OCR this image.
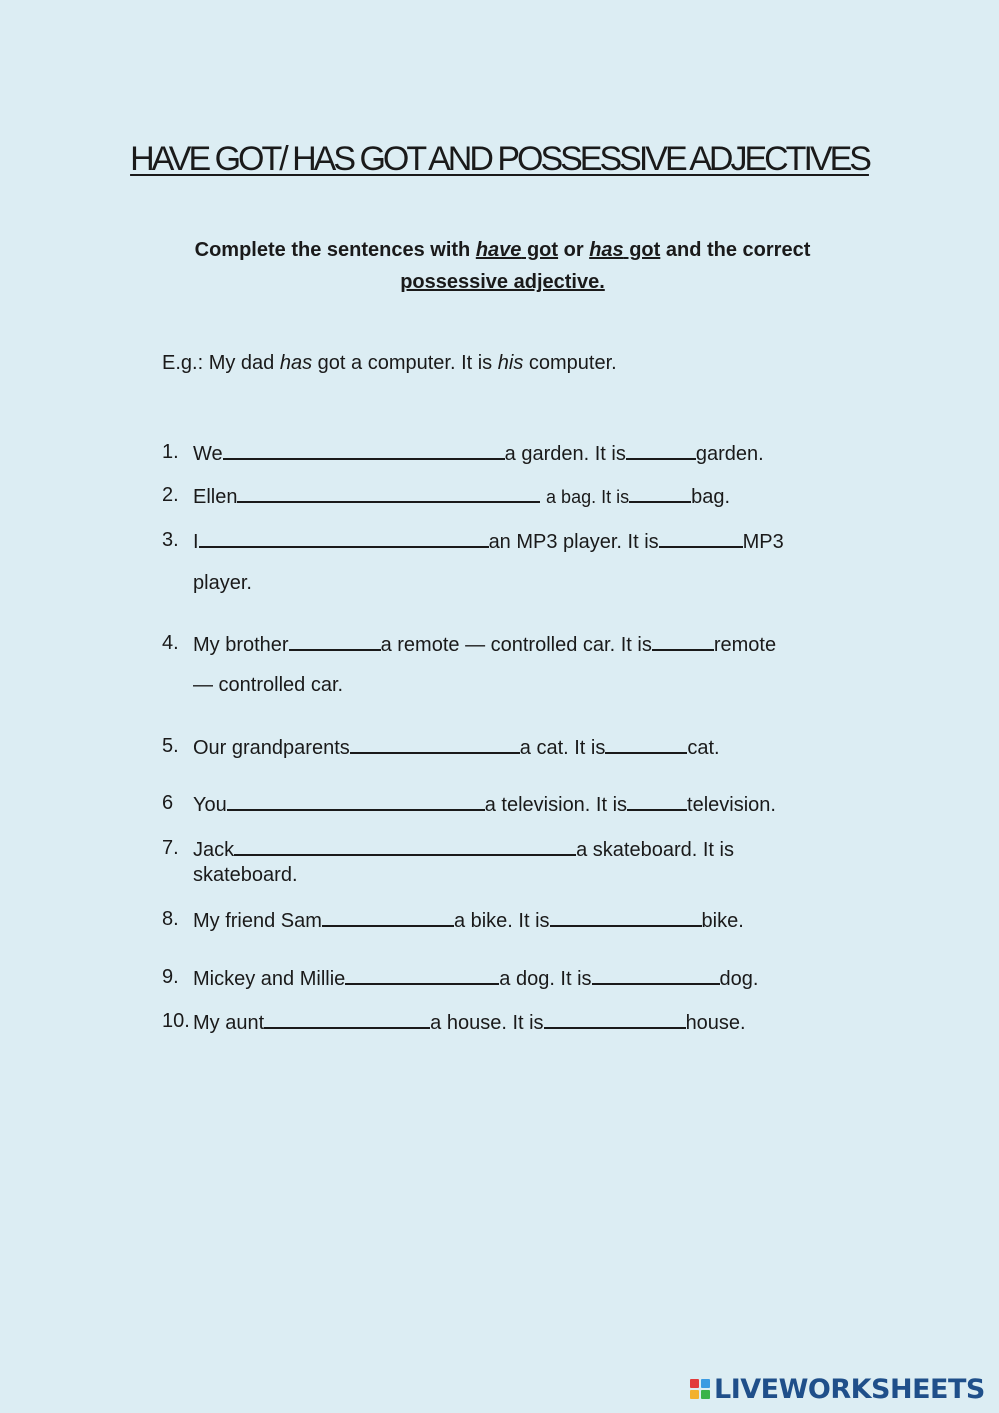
HAVE GOT/ HAS GOT AND POSSESSIVE ADJECTIVES
Complete the sentences with have got or has got and the correct
possessive adjective.
E.g.: My dad has got a computer. It is his computer.
1. We	a garden. It is	garden.
2. Ellen	a bag. It is	bag.
3. I	an MP3 player. It is	MP3
player.
4. My brother	a remote — controlled car. It is	remote
— controlled car.
5. Our grandparents	a cat. It is	cat.
6 You	a television. It is	television.
7. Jack	a skateboard. It is
skateboard.
8. My friend Sam	a bike. It is	bike.
9. Mickey and Millie	a dog. It is	dog.
10. My aunt	a house. It is	house.
LIVEWORKSHEETS
